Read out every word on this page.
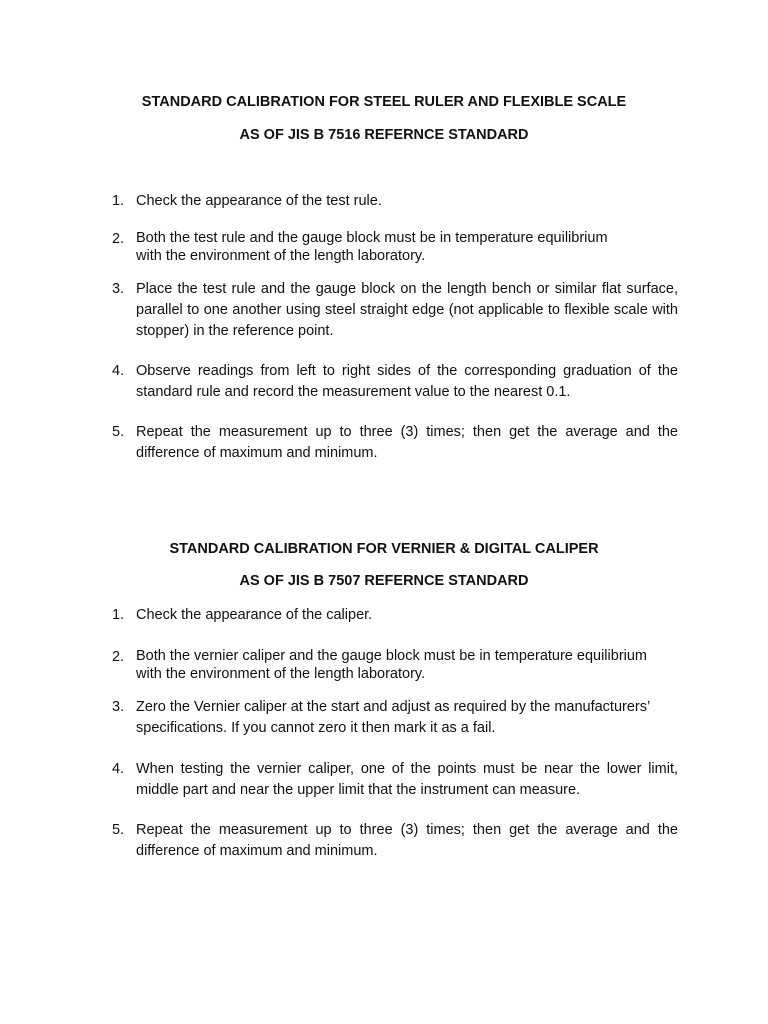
STANDARD CALIBRATION FOR STEEL RULER AND FLEXIBLE SCALE
AS OF JIS B 7516 REFERNCE STANDARD
1. Check the appearance of the test rule.
2. Both the test rule and the gauge block must be in temperature equilibrium with the environment of the length laboratory.
3. Place the test rule and the gauge block on the length bench or similar flat surface, parallel to one another using steel straight edge (not applicable to flexible scale with stopper) in the reference point.
4. Observe readings from left to right sides of the corresponding graduation of the standard rule and record the measurement value to the nearest 0.1.
5. Repeat the measurement up to three (3) times; then get the average and the difference of maximum and minimum.
STANDARD CALIBRATION FOR VERNIER & DIGITAL CALIPER
AS OF JIS B 7507 REFERNCE STANDARD
1. Check the appearance of the caliper.
2. Both the vernier caliper and the gauge block must be in temperature equilibrium with the environment of the length laboratory.
3. Zero the Vernier caliper at the start and adjust as required by the manufacturers’ specifications. If you cannot zero it then mark it as a fail.
4. When testing the vernier caliper, one of the points must be near the lower limit, middle part and near the upper limit that the instrument can measure.
5. Repeat the measurement up to three (3) times; then get the average and the difference of maximum and minimum.
